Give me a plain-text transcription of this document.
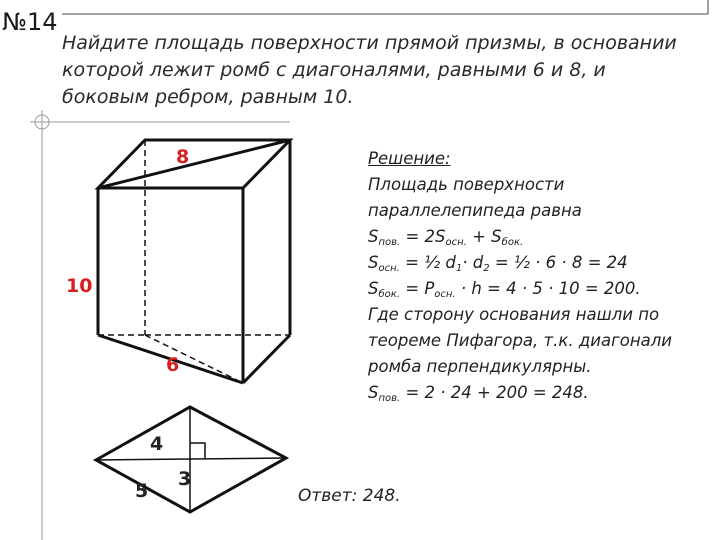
№14
Найдите площадь поверхности прямой призмы, в основании
которой лежит ромб с диагоналями, равными 6 и 8, и
боковым ребром, равным 10.
8
10
6
4
5
3
Решение:
Площадь поверхности
параллелепипеда равна
$S_{пов.} = 2S_{осн.} + S_{бок.}$
$S_{осн.}$ = ½ $d_1\cdot d_2$ = ½ · 6 · 8 = 24
$S_{бок.} = P_{осн.} \cdot h = 4 \cdot 5 \cdot 10 = 200$.
Где сторону основания нашли по
теореме Пифагора, т.к. диагонали
ромба перпендикулярны.
$S_{пов.} = 2 \cdot 24 + 200 = 248$.
Ответ: 248.
